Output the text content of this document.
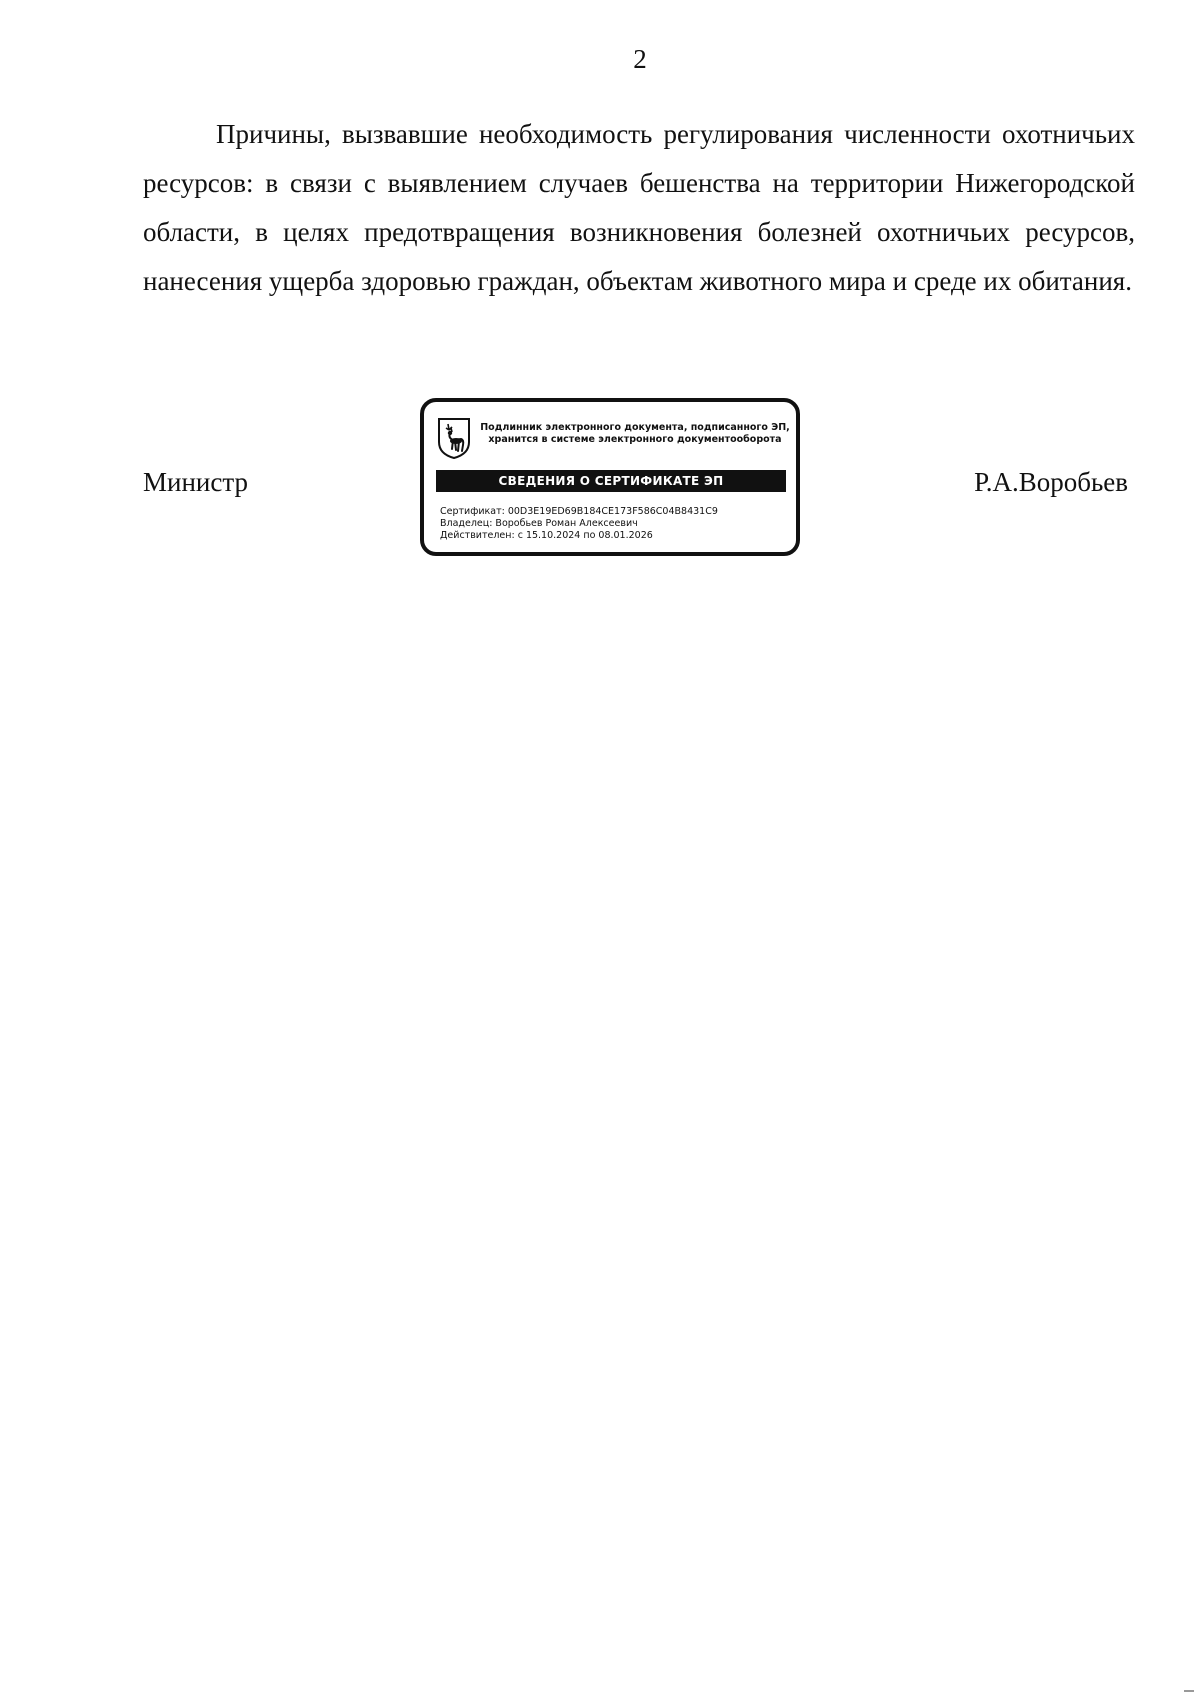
2

Причины, вызвавшие необходимость регулирования численности охотничьих ресурсов: в связи с выявлением случаев бешенства на территории Нижегородской области, в целях предотвращения возникновения болезней охотничьих ресурсов, нанесения ущерба здоровью граждан, объектам животного мира и среде их обитания.

Министр
Подлинник электронного документа, подписанного ЭП,
хранится в системе электронного документооборота
СВЕДЕНИЯ О СЕРТИФИКАТЕ ЭП
Сертификат: 00D3E19ED69B184CE173F586C04B8431C9
Владелец: Воробьев Роман Алексеевич
Действителен: с 15.10.2024 по 08.01.2026
Р.А.Воробьев
